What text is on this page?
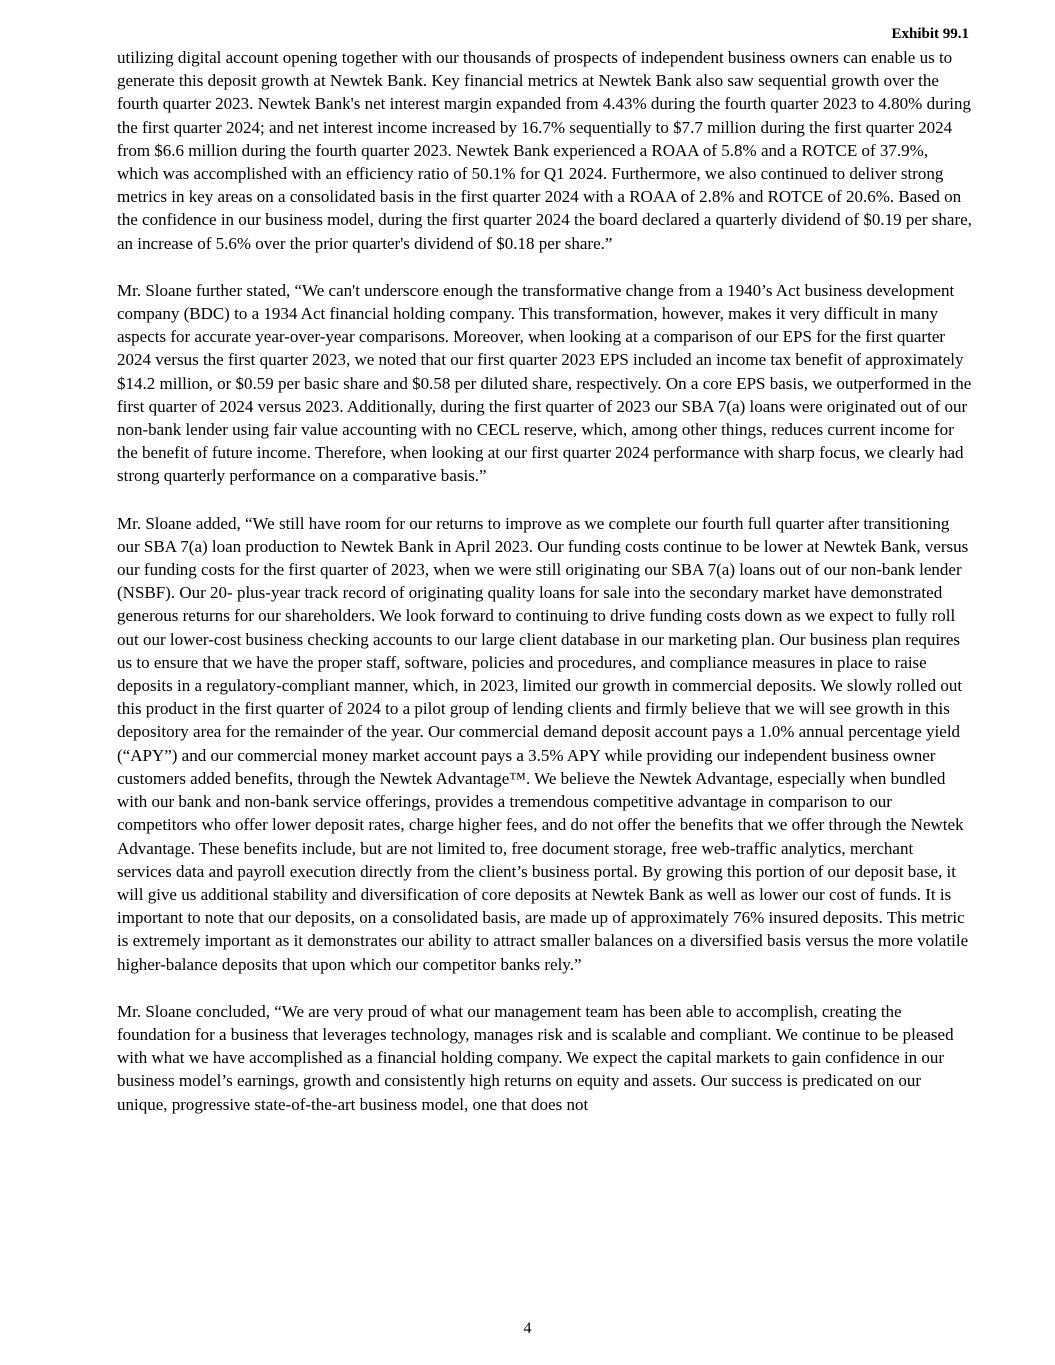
Exhibit 99.1

utilizing digital account opening together with our thousands of prospects of independent business owners can enable us to generate this deposit growth at Newtek Bank. Key financial metrics at Newtek Bank also saw sequential growth over the fourth quarter 2023. Newtek Bank's net interest margin expanded from 4.43% during the fourth quarter 2023 to 4.80% during the first quarter 2024; and net interest income increased by 16.7% sequentially to $7.7 million during the first quarter 2024 from $6.6 million during the fourth quarter 2023. Newtek Bank experienced a ROAA of 5.8% and a ROTCE of 37.9%, which was accomplished with an efficiency ratio of 50.1% for Q1 2024. Furthermore, we also continued to deliver strong metrics in key areas on a consolidated basis in the first quarter 2024 with a ROAA of 2.8% and ROTCE of 20.6%. Based on the confidence in our business model, during the first quarter 2024 the board declared a quarterly dividend of $0.19 per share, an increase of 5.6% over the prior quarter's dividend of $0.18 per share.”

Mr. Sloane further stated, “We can't underscore enough the transformative change from a 1940’s Act business development company (BDC) to a 1934 Act financial holding company. This transformation, however, makes it very difficult in many aspects for accurate year-over-year comparisons. Moreover, when looking at a comparison of our EPS for the first quarter 2024 versus the first quarter 2023, we noted that our first quarter 2023 EPS included an income tax benefit of approximately $14.2 million, or $0.59 per basic share and $0.58 per diluted share, respectively. On a core EPS basis, we outperformed in the first quarter of 2024 versus 2023. Additionally, during the first quarter of 2023 our SBA 7(a) loans were originated out of our non-bank lender using fair value accounting with no CECL reserve, which, among other things, reduces current income for the benefit of future income. Therefore, when looking at our first quarter 2024 performance with sharp focus, we clearly had strong quarterly performance on a comparative basis.”

Mr. Sloane added, “We still have room for our returns to improve as we complete our fourth full quarter after transitioning our SBA 7(a) loan production to Newtek Bank in April 2023. Our funding costs continue to be lower at Newtek Bank, versus our funding costs for the first quarter of 2023, when we were still originating our SBA 7(a) loans out of our non-bank lender (NSBF). Our 20- plus-year track record of originating quality loans for sale into the secondary market have demonstrated generous returns for our shareholders. We look forward to continuing to drive funding costs down as we expect to fully roll out our lower-cost business checking accounts to our large client database in our marketing plan. Our business plan requires us to ensure that we have the proper staff, software, policies and procedures, and compliance measures in place to raise deposits in a regulatory-compliant manner, which, in 2023, limited our growth in commercial deposits. We slowly rolled out this product in the first quarter of 2024 to a pilot group of lending clients and firmly believe that we will see growth in this depository area for the remainder of the year. Our commercial demand deposit account pays a 1.0% annual percentage yield (“APY”) and our commercial money market account pays a 3.5% APY while providing our independent business owner customers added benefits, through the Newtek Advantage™. We believe the Newtek Advantage, especially when bundled with our bank and non-bank service offerings, provides a tremendous competitive advantage in comparison to our competitors who offer lower deposit rates, charge higher fees, and do not offer the benefits that we offer through the Newtek Advantage. These benefits include, but are not limited to, free document storage, free web-traffic analytics, merchant services data and payroll execution directly from the client’s business portal. By growing this portion of our deposit base, it will give us additional stability and diversification of core deposits at Newtek Bank as well as lower our cost of funds. It is important to note that our deposits, on a consolidated basis, are made up of approximately 76% insured deposits. This metric is extremely important as it demonstrates our ability to attract smaller balances on a diversified basis versus the more volatile higher-balance deposits that upon which our competitor banks rely.”

Mr. Sloane concluded, “We are very proud of what our management team has been able to accomplish, creating the foundation for a business that leverages technology, manages risk and is scalable and compliant. We continue to be pleased with what we have accomplished as a financial holding company. We expect the capital markets to gain confidence in our business model’s earnings, growth and consistently high returns on equity and assets. Our success is predicated on our unique, progressive state-of-the-art business model, one that does not

4
